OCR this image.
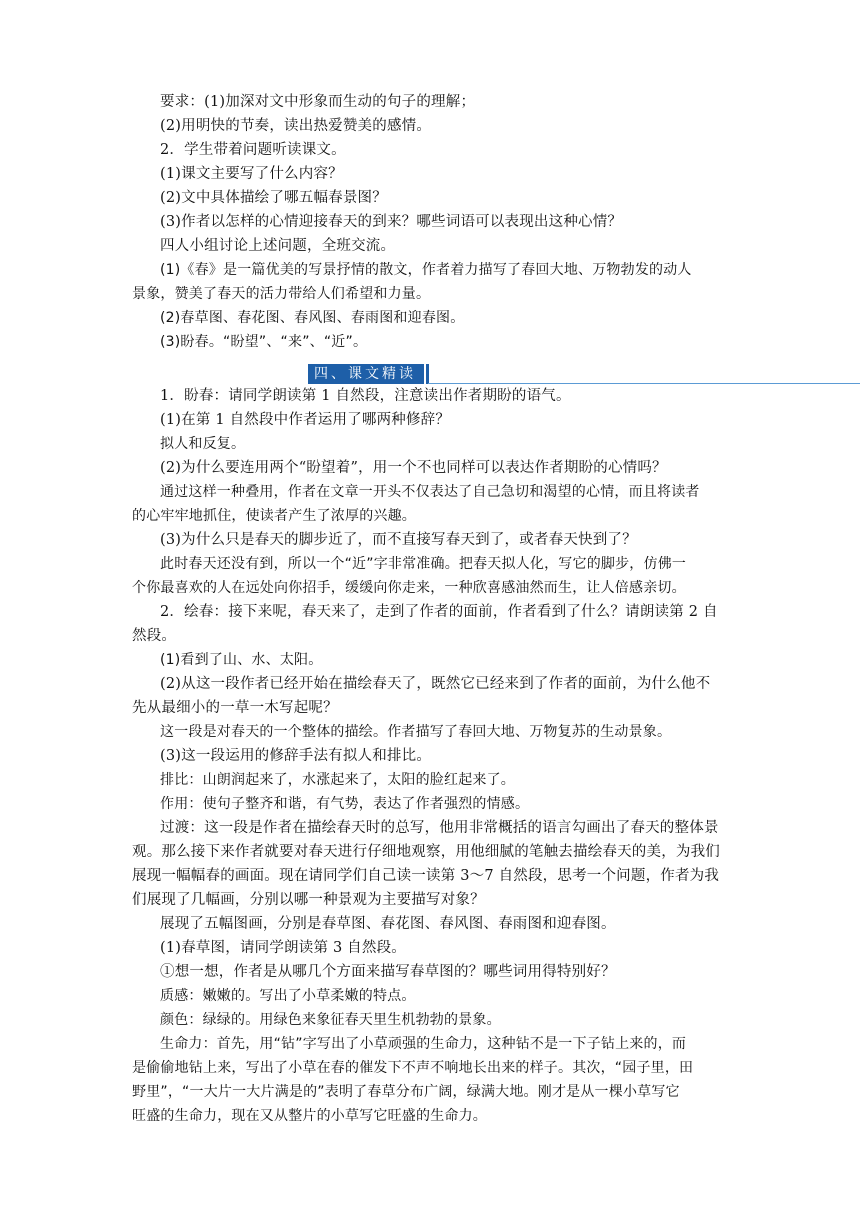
四、课文精读
要求：(1)加深对文中形象而生动的句子的理解；
(2)用明快的节奏，读出热爱赞美的感情。
2．学生带着问题听读课文。
(1)课文主要写了什么内容？
(2)文中具体描绘了哪五幅春景图？
(3)作者以怎样的心情迎接春天的到来？哪些词语可以表现出这种心情？
四人小组讨论上述问题，全班交流。
(1)《春》是一篇优美的写景抒情的散文，作者着力描写了春回大地、万物勃发的动人
景象，赞美了春天的活力带给人们希望和力量。
(2)春草图、春花图、春风图、春雨图和迎春图。
(3)盼春。“盼望”、“来”、“近”。
1．盼春：请同学朗读第 1 自然段，注意读出作者期盼的语气。
(1)在第 1 自然段中作者运用了哪两种修辞？
拟人和反复。
(2)为什么要连用两个“盼望着”，用一个不也同样可以表达作者期盼的心情吗？
通过这样一种叠用，作者在文章一开头不仅表达了自己急切和渴望的心情，而且将读者
的心牢牢地抓住，使读者产生了浓厚的兴趣。
(3)为什么只是春天的脚步近了，而不直接写春天到了，或者春天快到了？
此时春天还没有到，所以一个“近”字非常准确。把春天拟人化，写它的脚步，仿佛一
个你最喜欢的人在远处向你招手，缓缓向你走来，一种欣喜感油然而生，让人倍感亲切。
2．绘春：接下来呢，春天来了，走到了作者的面前，作者看到了什么？请朗读第 2 自
然段。
(1)看到了山、水、太阳。
(2)从这一段作者已经开始在描绘春天了，既然它已经来到了作者的面前，为什么他不
先从最细小的一草一木写起呢？
这一段是对春天的一个整体的描绘。作者描写了春回大地、万物复苏的生动景象。
(3)这一段运用的修辞手法有拟人和排比。
排比：山朗润起来了，水涨起来了，太阳的脸红起来了。
作用：使句子整齐和谐，有气势，表达了作者强烈的情感。
过渡：这一段是作者在描绘春天时的总写，他用非常概括的语言勾画出了春天的整体景
观。那么接下来作者就要对春天进行仔细地观察，用他细腻的笔触去描绘春天的美，为我们
展现一幅幅春的画面。现在请同学们自己读一读第 3～7 自然段，思考一个问题，作者为我
们展现了几幅画，分别以哪一种景观为主要描写对象？
展现了五幅图画，分别是春草图、春花图、春风图、春雨图和迎春图。
(1)春草图，请同学朗读第 3 自然段。
①想一想，作者是从哪几个方面来描写春草图的？哪些词用得特别好？
质感：嫩嫩的。写出了小草柔嫩的特点。
颜色：绿绿的。用绿色来象征春天里生机勃勃的景象。
生命力：首先，用“钻”字写出了小草顽强的生命力，这种钻不是一下子钻上来的，而
是偷偷地钻上来，写出了小草在春的催发下不声不响地长出来的样子。其次，“园子里，田
野里”，“一大片一大片满是的”表明了春草分布广阔，绿满大地。刚才是从一棵小草写它
旺盛的生命力，现在又从整片的小草写它旺盛的生命力。
